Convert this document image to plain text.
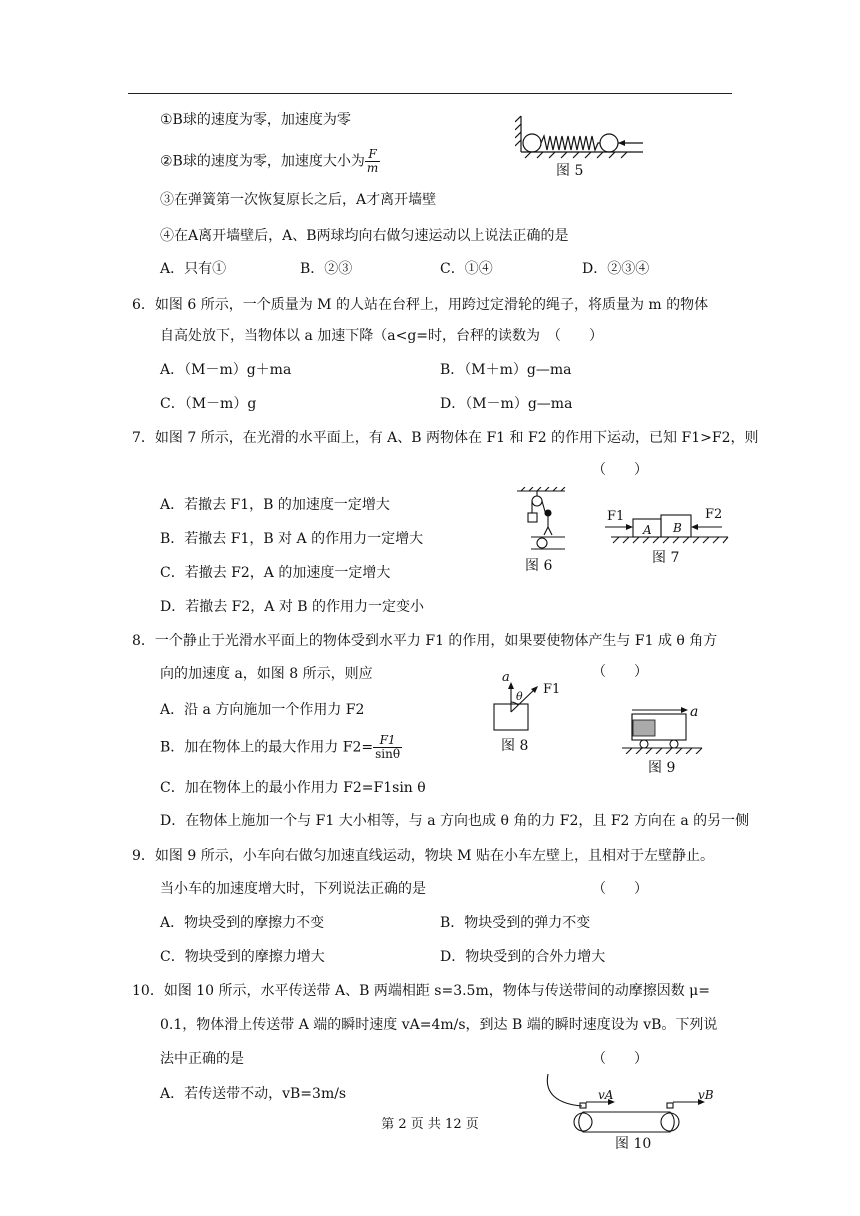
①B球的速度为零，加速度为零
②B球的速度为零，加速度大小为 $\frac{F}{m}$
③在弹簧第一次恢复原长之后，A才离开墙壁
④在A离开墙壁后，A、B两球均向右做匀速运动以上说法正确的是
A．只有①	B．②③	C．①④	D．②③④
图 5
6．如图 6 所示，一个质量为 M 的人站在台秤上，用跨过定滑轮的绳子，将质量为 m 的物体
自高处放下，当物体以 a 加速下降（a<g=时，台秤的读数为　（　　）
A．（M－m）g＋ma	B．（M＋m）g—ma
C．（M－m）g	D．（M－m）g—ma
7．如图 7 所示，在光滑的水平面上，有 A、B 两物体在 F1 和 F2 的作用下运动，已知 F1>F2，则
（　　）
A．若撤去 F1，B 的加速度一定增大
B．若撤去 F1，B 对 A 的作用力一定增大
C．若撤去 F2，A 的加速度一定增大
D．若撤去 F2，A 对 B 的作用力一定变小
图 6
F1	F2
A B
图 7
8．一个静止于光滑水平面上的物体受到水平力 F1 的作用，如果要使物体产生与 F1 成 θ 角方
向的加速度 a，如图 8 所示，则应	（　　）
A．沿 a 方向施加一个作用力 F2
B．加在物体上的最大作用力 $F2= \frac{F1}{\sin\theta}$
C．加在物体上的最小作用力 F2=F1sin θ
D．在物体上施加一个与 F1 大小相等，与 a 方向也成 θ 角的力 F2，且 F2 方向在 a 的另一侧
a
θ F1
图 8
a
图 9
9．如图 9 所示，小车向右做匀加速直线运动，物块 M 贴在小车左壁上，且相对于左壁静止。
当小车的加速度增大时，下列说法正确的是	（　　）
A．物块受到的摩擦力不变	B．物块受到的弹力不变
C．物块受到的摩擦力增大	D．物块受到的合外力增大
10．如图 10 所示，水平传送带 A、B 两端相距 s=3.5m，物体与传送带间的动摩擦因数 μ=
0.1，物体滑上传送带 A 端的瞬时速度 vA=4m/s，到达 B 端的瞬时速度设为 vB。下列说
法中正确的是	（　　）
A．若传送带不动，vB=3m/s	vA	vB
图 10
第 2 页 共 12 页
